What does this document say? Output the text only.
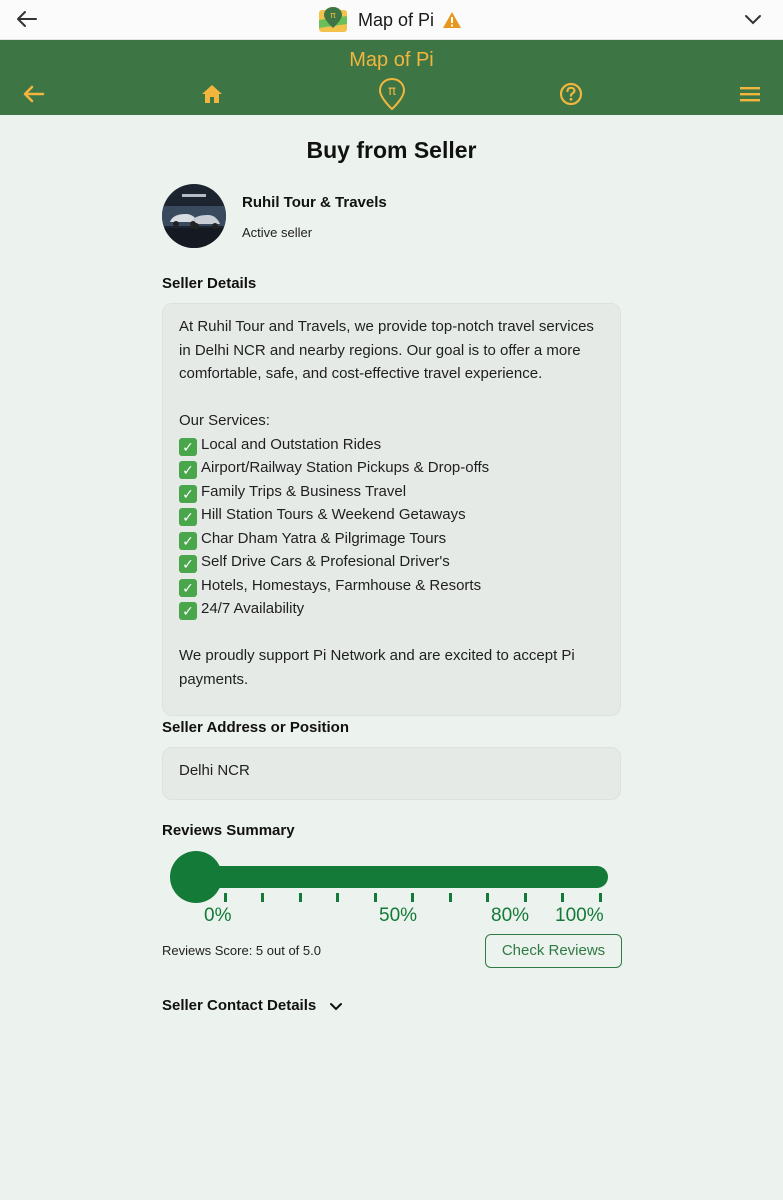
π Map of Pi
Map of Pi
π
Buy from Seller
Ruhil Tour & Travels
Active seller
Seller Details
At Ruhil Tour and Travels, we provide top-notch travel services
in Delhi NCR and nearby regions. Our goal is to offer a more
comfortable, safe, and cost-effective travel experience.
Our Services:
✓ Local and Outstation Rides
✓ Airport/Railway Station Pickups & Drop-offs
✓ Family Trips & Business Travel
✓ Hill Station Tours & Weekend Getaways
✓ Char Dham Yatra & Pilgrimage Tours
✓ Self Drive Cars & Profesional Driver's
✓ Hotels, Homestays, Farmhouse & Resorts
✓ 24/7 Availability
We proudly support Pi Network and are excited to accept Pi
payments.
Seller Address or Position
Delhi NCR
Reviews Summary
0%	50%	80% 100%
Reviews Score: 5 out of 5.0	Check Reviews
Seller Contact Details
